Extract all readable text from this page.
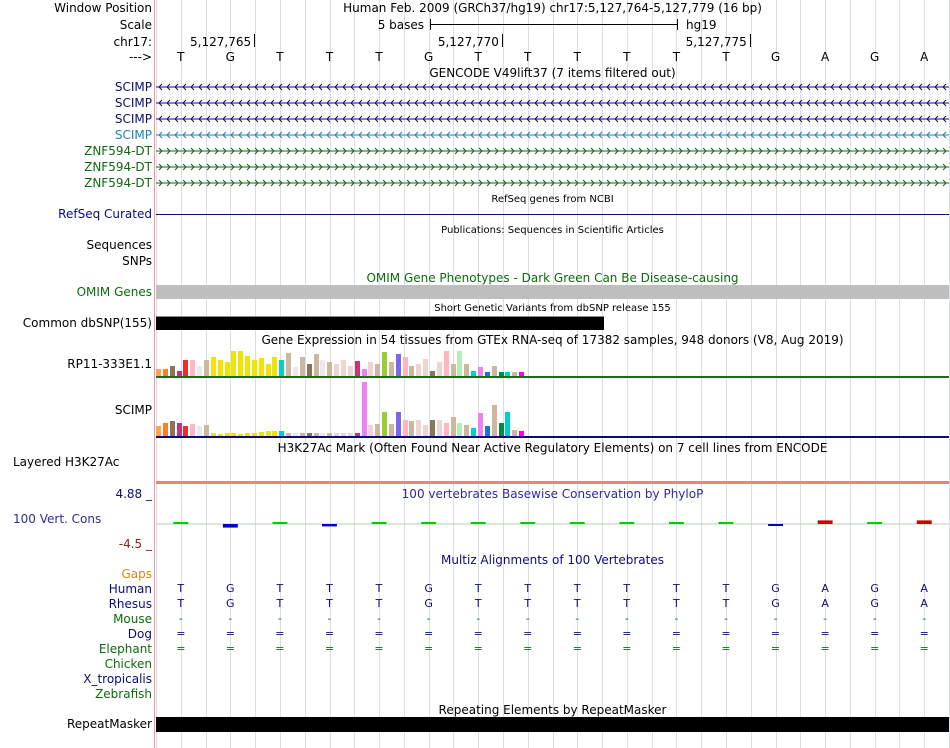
Window Position	Human Feb. 2009 (GRCh37/hg19) chr17:5,127,764-5,127,779 (16 bp)
Scale	5 bases	hg19
chr17:	5,127,765	5,127,770	5,127,775
--->	T	G	T	T	T	G	T	T	T	T	T	T	G	A	G	A
GENCODE V49lift37 (7 items filtered out)
SCIMP
SCIMP
SCIMP
SCIMP
ZNF594-DT
ZNF594-DT
ZNF594-DT
RefSeq genes from NCBI
RefSeq Curated
Publications: Sequences in Scientific Articles
Sequences
SNPs
OMIM Gene Phenotypes - Dark Green Can Be Disease-causing
OMIM Genes
Short Genetic Variants from dbSNP release 155
Common dbSNP(155)
Gene Expression in 54 tissues from GTEx RNA-seq of 17382 samples, 948 donors (V8, Aug 2019)
RP11-333E1.1
SCIMP
H3K27Ac Mark (Often Found Near Active Regulatory Elements) on 7 cell lines from ENCODE
Layered H3K27Ac
4.88 _	100 vertebrates Basewise Conservation by PhyloP
100 Vert. Cons
-4.5 _
Multiz Alignments of 100 Vertebrates
Gaps
Human	T	G	T	T	T	G	T	T	T	T	T	T	G	A	G	A
Rhesus	T	G	T	T	T	G	T	T	T	T	T	T	G	A	G	A
Mouse	-	-	-	-	-	-	-	-	-	-	-	-	-	-	-	-
Dog	=	=	=	=	=	=	=	=	=	=	=	=	=	=	=	=
Elephant	=	=	=	=	=	=	=	=	=	=	=	=	=	=	=	=
Chicken
X_tropicalis
Zebrafish
Repeating Elements by RepeatMasker
RepeatMasker
